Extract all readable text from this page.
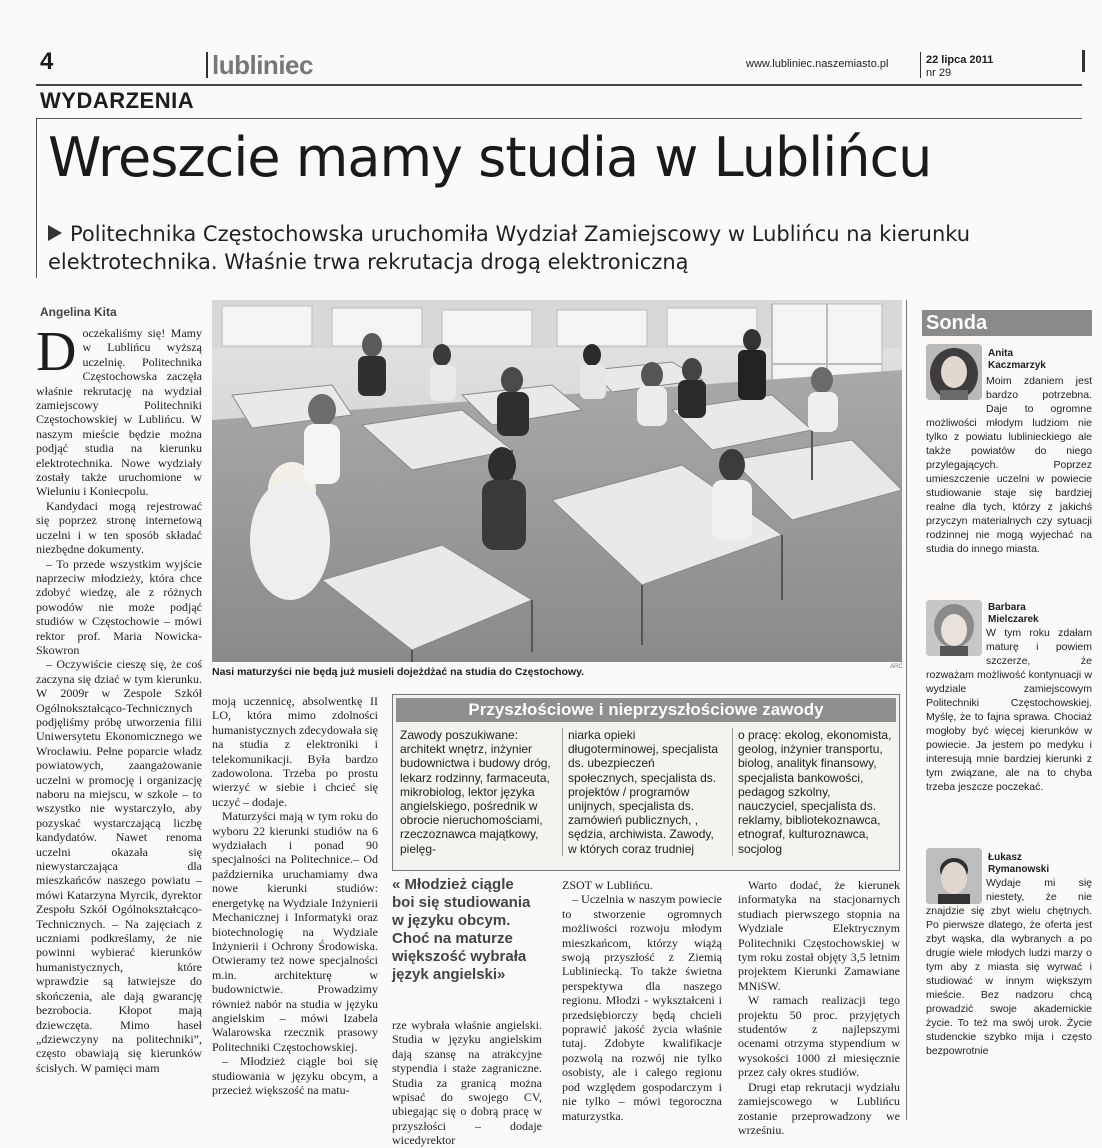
4	lubliniec	www.lubliniec.naszemiasto.pl	22 lipca 2011
nr 29
WYDARZENIA
Wreszcie mamy studia w Lublińcu
Politechnika Częstochowska uruchomiła Wydział Zamiejscowy w Lublińcu na kierunku elektrotechnika. Właśnie trwa rekrutacja drogą elektroniczną
Angelina Kita

Doczekaliśmy się! Mamy w Lublińcu wyższą uczelnię. Politechnika Częstochowska zaczęła właśnie rekrutację na wydział zamiejscowy Politechniki Częstochowskiej w Lublińcu. W naszym mieście będzie można podjąć studia na kierunku elektrotechnika. Nowe wydziały zostały także uruchomione w Wieluniu i Koniecpolu.

Kandydaci mogą rejestrować się poprzez stronę internetową uczelni i w ten sposób składać niezbędne dokumenty.

– To przede wszystkim wyjście naprzeciw młodzieży, która chce zdobyć wiedzę, ale z różnych powodów nie może podjąć studiów w Częstochowie – mówi rektor prof. Maria Nowicka-Skowron

– Oczywiście cieszę się, że coś zaczyna się dziać w tym kierunku. W 2009r w Zespole Szkół Ogólnokształcąco-Technicznych podjęliśmy próbę utworzenia filii Uniwersytetu Ekonomicznego we Wrocławiu. Pełne poparcie władz powiatowych, zaangażowanie uczelni w promocję i organizację naboru na miejscu, w szkole – to wszystko nie wystarczyło, aby pozyskać wystarczającą liczbę kandydatów. Nawet renoma uczelni okazała się niewystarczająca dla mieszkańców naszego powiatu – mówi Katarzyna Myrcik, dyrektor Zespołu Szkół Ogólnokształcąco-Technicznych. – Na zajęciach z uczniami podkreślamy, że nie powinni wybierać kierunków humanistycznych, które wprawdzie są łatwiejsze do skończenia, ale dają gwarancję bezrobocia. Kłopot mają dziewczęta. Mimo haseł „dziewczyny na politechniki”, często obawiają się kierunków ścisłych. W pamięci mam

Nasi maturzyści nie będą już musieli dojeżdżać na studia do Częstochowy.	ARC

moją uczennicę, absolwentkę II LO, która mimo zdolności humanistycznych zdecydowała się na studia z elektroniki i telekomunikacji. Była bardzo zadowolona. Trzeba po prostu wierzyć w siebie i chcieć się uczyć – dodaje.

Maturzyści mają w tym roku do wyboru 22 kierunki studiów na 6 wydziałach i ponad 90 specjalności na Politechnice.– Od października uruchamiamy dwa nowe kierunki studiów: energetykę na Wydziale Inżynierii Mechanicznej i Informatyki oraz biotechnologię na Wydziale Inżynierii i Ochrony Środowiska. Otwieramy też nowe specjalności m.in. architekturę w budownictwie. Prowadzimy również nabór na studia w języku angielskim – mówi Izabela Walarowska rzecznik prasowy Politechniki Częstochowskiej.

– Młodzież ciągle boi się studiowania w języku obcym, a przecież większość na matu-

Przyszłościowe i nieprzyszłościowe zawody
Zawody poszukiwane: architekt wnętrz, inżynier budownictwa i budowy dróg, lekarz rodzinny, farmaceuta, mikrobiolog, lektor języka angielskiego, pośrednik w obrocie nieruchomościami, rzeczoznawca majątkowy, pielęg-
niarka opieki długoterminowej, specjalista ds. ubezpieczeń społecznych, specjalista ds. projektów / programów unijnych, specjalista ds. zamówień publicznych, , sędzia, archiwista. Zawody, w których coraz trudniej
o pracę: ekolog, ekonomista, geolog, inżynier transportu, biolog, analityk finansowy, specjalista bankowości, pedagog szkolny, nauczyciel, specjalista ds. reklamy, bibliotekoznawca, etnograf, kulturoznawca, socjolog
« Młodzież ciągle boi się studiowania w języku obcym. Choć na maturze większość wybrała język angielski»
rze wybrała właśnie angielski. Studia w języku angielskim dają szansę na atrakcyjne stypendia i staże zagraniczne. Studia za granicą można wpisać do swojego CV, ubiegając się o dobrą pracę w przyszłości – dodaje wicedyrektor

ZSOT w Lublińcu.

– Uczelnia w naszym powiecie to stworzenie ogromnych możliwości rozwoju młodym mieszkańcom, którzy wiążą swoją przyszłość z Ziemią Lubliniecką. To także świetna perspektywa dla naszego regionu. Młodzi - wykształceni i przedsiębiorczy będą chcieli poprawić jakość życia właśnie tutaj. Zdobyte kwalifikacje pozwolą na rozwój nie tylko osobisty, ale i całego regionu pod względem gospodarczym i nie tylko – mówi tegoroczna maturzystka.

Warto dodać, że kierunek informatyka na stacjonarnych studiach pierwszego stopnia na Wydziale Elektrycznym Politechniki Częstochowskiej w tym roku został objęty 3,5 letnim projektem Kierunki Zamawiane MNiSW.

W ramach realizacji tego projektu 50 proc. przyjętych studentów z najlepszymi ocenami otrzyma stypendium w wysokości 1000 zł miesięcznie przez cały okres studiów.

Drugi etap rekrutacji wydziału zamiejscowego w Lublińcu zostanie przeprowadzony we wrześniu.

Sonda
Anita
Kaczmarzyk
Moim zdaniem jest bardzo potrzebna. Daje to ogromne możliwości młodym ludziom nie tylko z powiatu lublinieckiego ale także powiatów do niego przylegających. Poprzez umieszczenie uczelni w powiecie studiowanie staje się bardziej realne dla tych, którzy z jakichś przyczyn materialnych czy sytuacji rodzinnej nie mogą wyjechać na studia do innego miasta.
Barbara
Mielczarek
W tym roku zdałam maturę i powiem szczerze, że rozważam możliwość kontynuacji w wydziale zamiejscowym Politechniki Częstochowskiej. Myślę, że to fajna sprawa. Chociaż mogłoby być więcej kierunków w powiecie. Ja jestem po medyku i interesują mnie bardziej kierunki z tym związane, ale na to chyba trzeba jeszcze poczekać.
Łukasz
Rymanowski
Wydaje mi się niestety, że nie znajdzie się zbyt wielu chętnych. Po pierwsze dlatego, że oferta jest zbyt wąska, dla wybranych a po drugie wiele młodych ludzi marzy o tym aby z miasta się wyrwać i studiować w innym większym mieście. Bez nadzoru chcą prowadzić swoje akademickie życie. To też ma swój urok. Życie studenckie szybko mija i często bezpowrotnie
